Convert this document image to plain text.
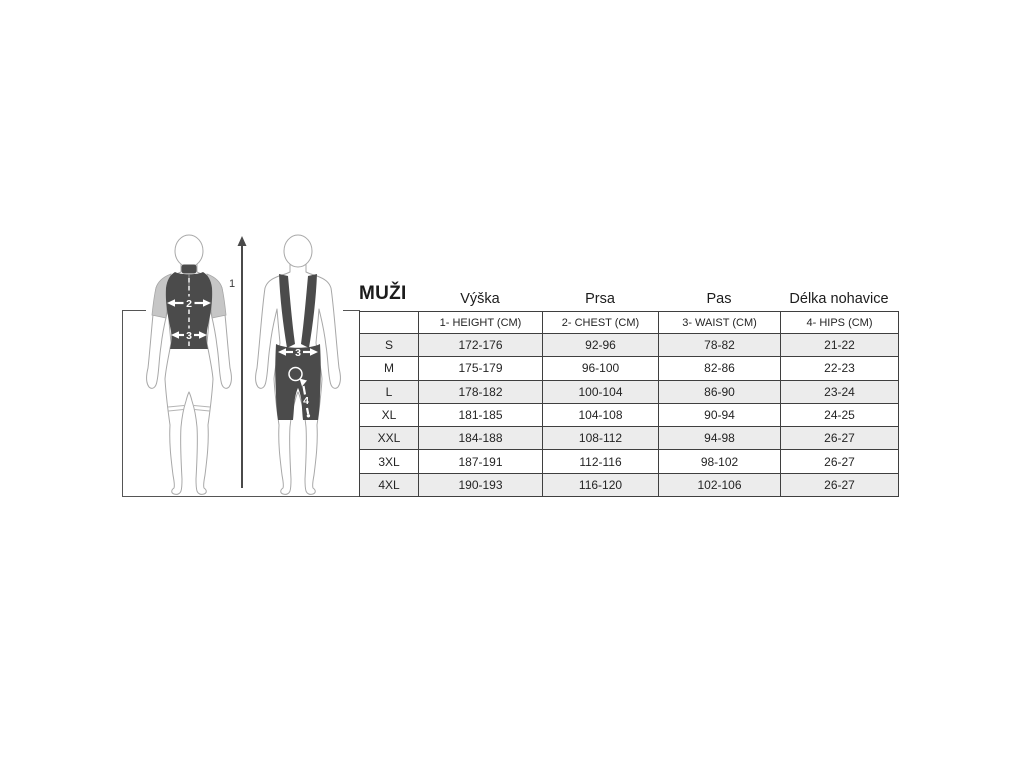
2
3
1
3
4
MUŽI	Výška	Prsa	Pas	Délka nohavice
	1- HEIGHT (CM)	2- CHEST (CM)	3- WAIST (CM)	4- HIPS (CM)
S	172-176	92-96	78-82	21-22
M	175-179	96-100	82-86	22-23
L	178-182	100-104	86-90	23-24
XL	181-185	104-108	90-94	24-25
XXL	184-188	108-112	94-98	26-27
3XL	187-191	112-116	98-102	26-27
4XL	190-193	116-120	102-106	26-27
